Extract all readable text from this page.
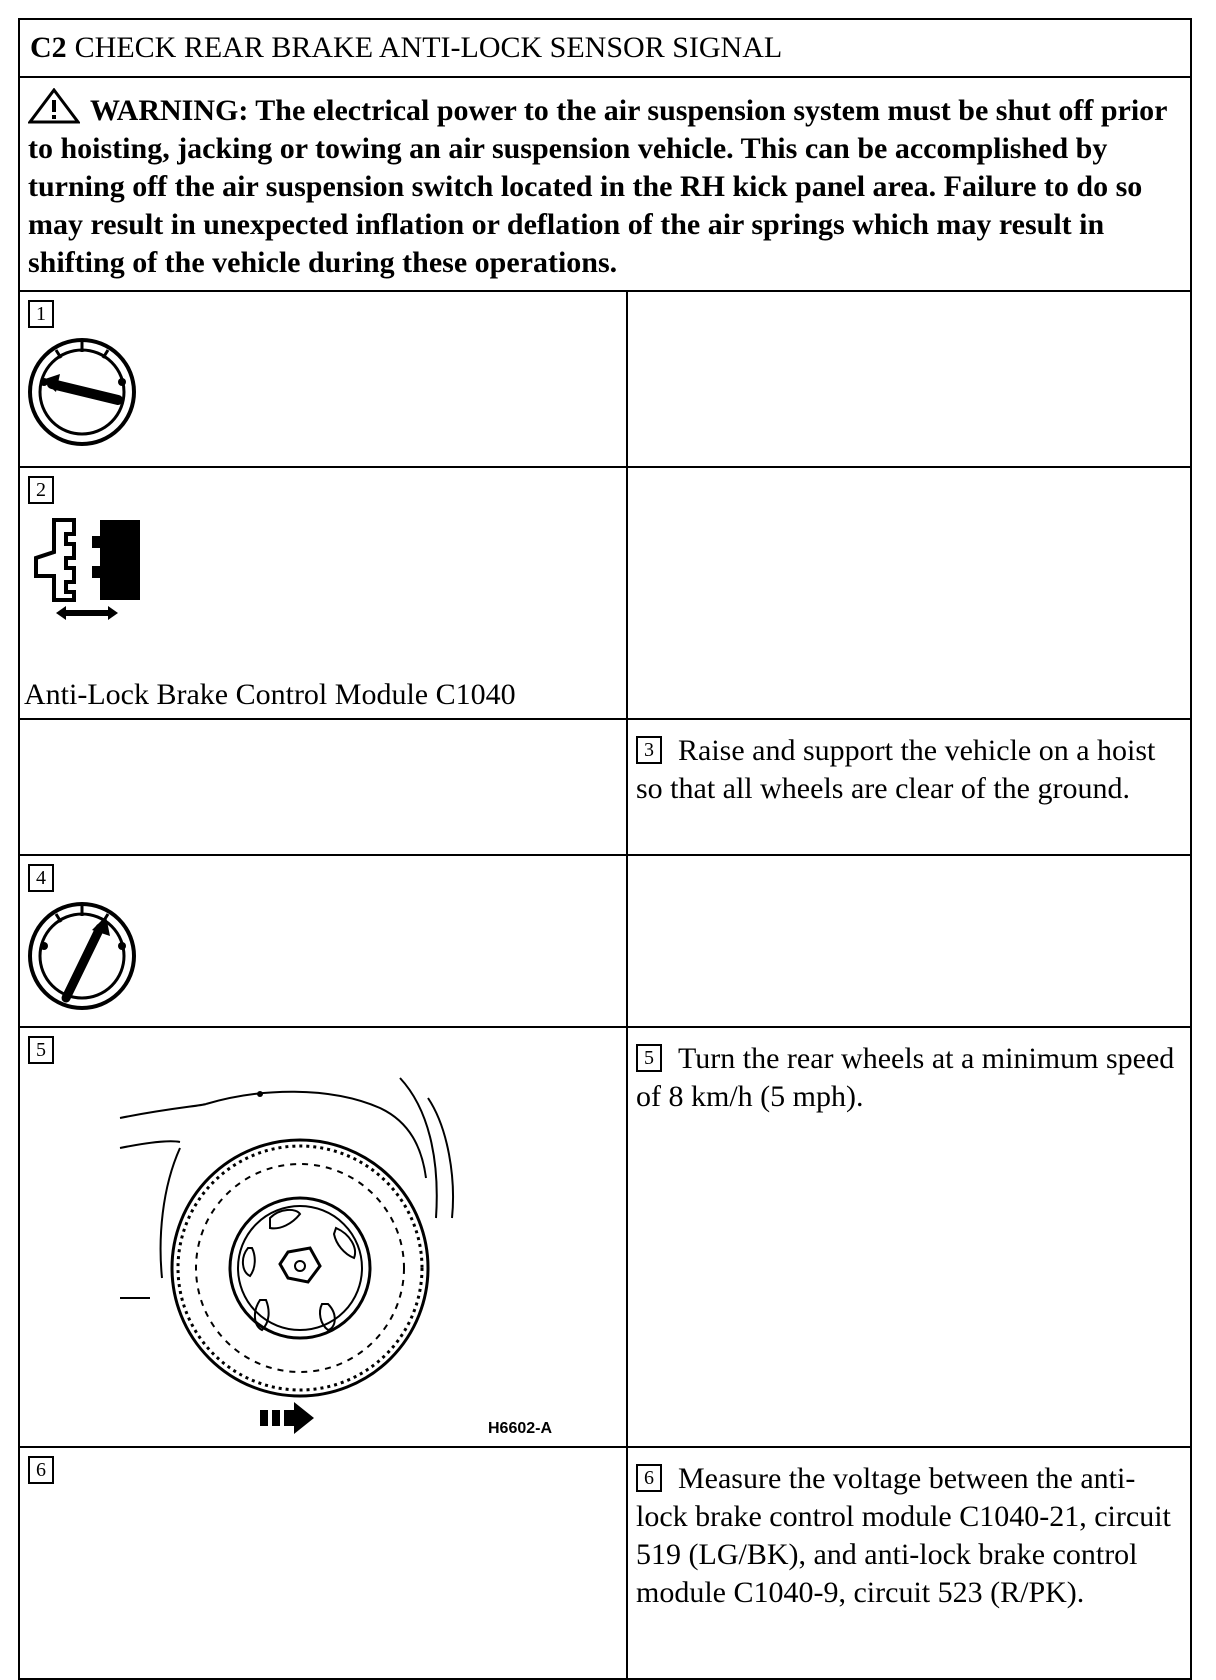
C2 CHECK REAR BRAKE ANTI-LOCK SENSOR SIGNAL
WARNING: The electrical power to the air suspension system must be shut off prior to hoisting, jacking or towing an air suspension vehicle. This can be accomplished by turning off the air suspension switch located in the RH kick panel area. Failure to do so may result in unexpected inflation or deflation of the air springs which may result in shifting of the vehicle during these operations.
1
2
Anti-Lock Brake Control Module C1040
3 Raise and support the vehicle on a hoist so that all wheels are clear of the ground.
4
5
H6602-A
5 Turn the rear wheels at a minimum speed of 8 km/h (5 mph).
6	6 Measure the voltage between the anti-lock brake control module C1040-21, circuit 519 (LG/BK), and anti-lock brake control module C1040-9, circuit 523 (R/PK).
